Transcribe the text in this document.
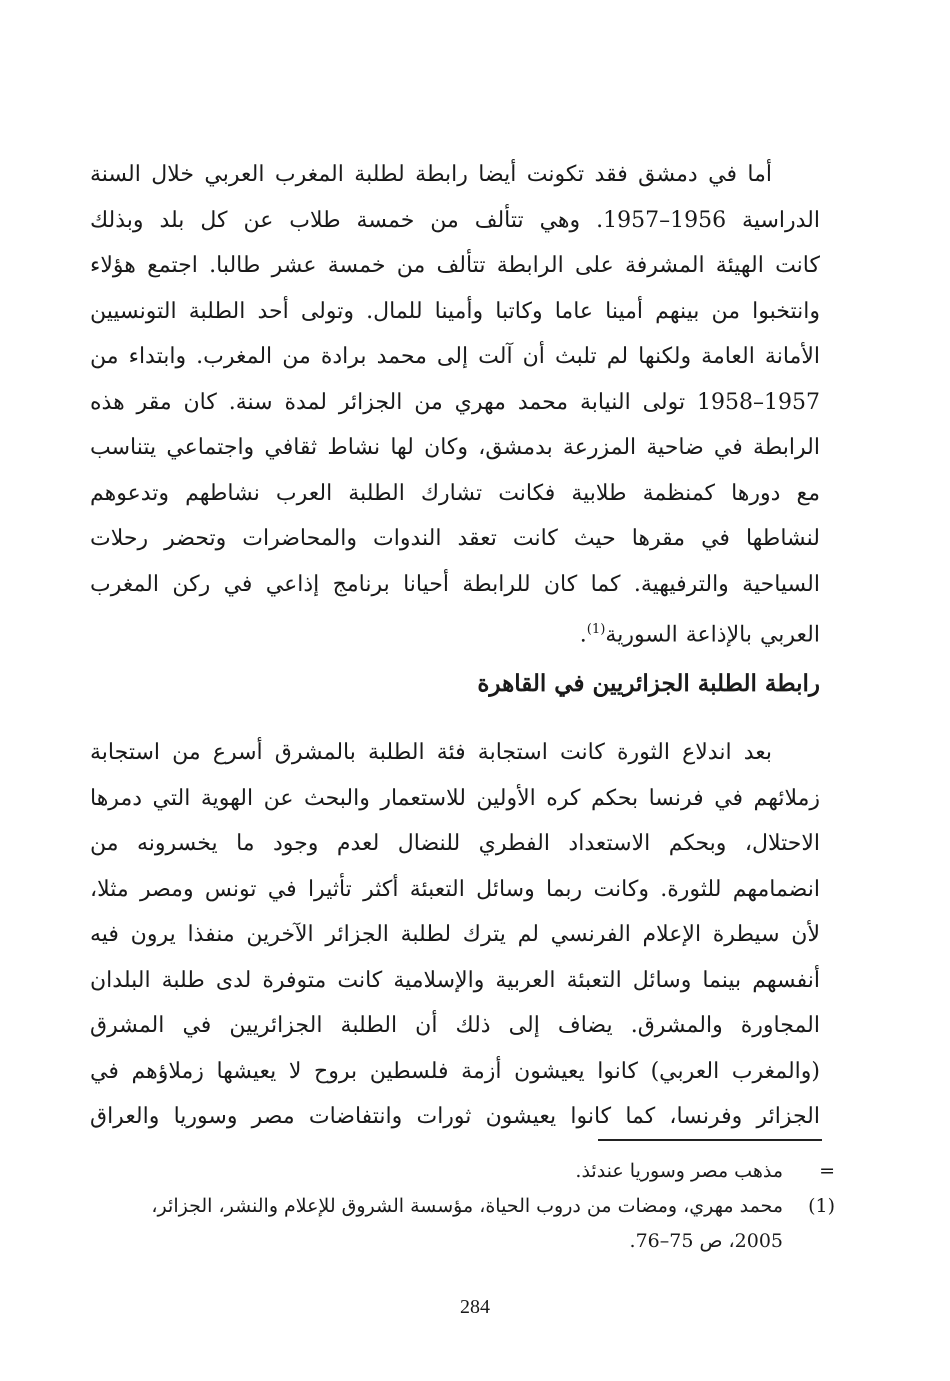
أما في دمشق فقد تكونت أيضا رابطة لطلبة المغرب العربي خلال السنة
الدراسية 1956–1957. وهي تتألف من خمسة طلاب عن كل بلد وبذلك
كانت الهيئة المشرفة على الرابطة تتألف من خمسة عشر طالبا. اجتمع هؤلاء
وانتخبوا من بينهم أمينا عاما وكاتبا وأمينا للمال. وتولى أحد الطلبة التونسيين
الأمانة العامة ولكنها لم تلبث أن آلت إلى محمد برادة من المغرب. وابتداء من
1957–1958 تولى النيابة محمد مهري من الجزائر لمدة سنة. كان مقر هذه
الرابطة في ضاحية المزرعة بدمشق، وكان لها نشاط ثقافي واجتماعي يتناسب
مع دورها كمنظمة طلابية فكانت تشارك الطلبة العرب نشاطهم وتدعوهم
لنشاطها في مقرها حيث كانت تعقد الندوات والمحاضرات وتحضر رحلات
السياحية والترفيهية. كما كان للرابطة أحيانا برنامج إذاعي في ركن المغرب
العربي بالإذاعة السورية$^{(1)}$.

رابطة الطلبة الجزائريين في القاهرة

بعد اندلاع الثورة كانت استجابة فئة الطلبة بالمشرق أسرع من استجابة
زملائهم في فرنسا بحكم كره الأولين للاستعمار والبحث عن الهوية التي دمرها
الاحتلال، وبحكم الاستعداد الفطري للنضال لعدم وجود ما يخسرونه من
انضمامهم للثورة. وكانت ربما وسائل التعبئة أكثر تأثيرا في تونس ومصر مثلا،
لأن سيطرة الإعلام الفرنسي لم يترك لطلبة الجزائر الآخرين منفذا يرون فيه
أنفسهم بينما وسائل التعبئة العربية والإسلامية كانت متوفرة لدى طلبة البلدان
المجاورة والمشرق. يضاف إلى ذلك أن الطلبة الجزائريين في المشرق
(والمغرب العربي) كانوا يعيشون أزمة فلسطين بروح لا يعيشها زملاؤهم في
الجزائر وفرنسا، كما كانوا يعيشون ثورات وانتفاضات مصر وسوريا والعراق

=
مذهب مصر وسوريا عندئذ.
(1)
محمد مهري، ومضات من دروب الحياة، مؤسسة الشروق للإعلام والنشر، الجزائر،
2005، ص 75–76.
284
